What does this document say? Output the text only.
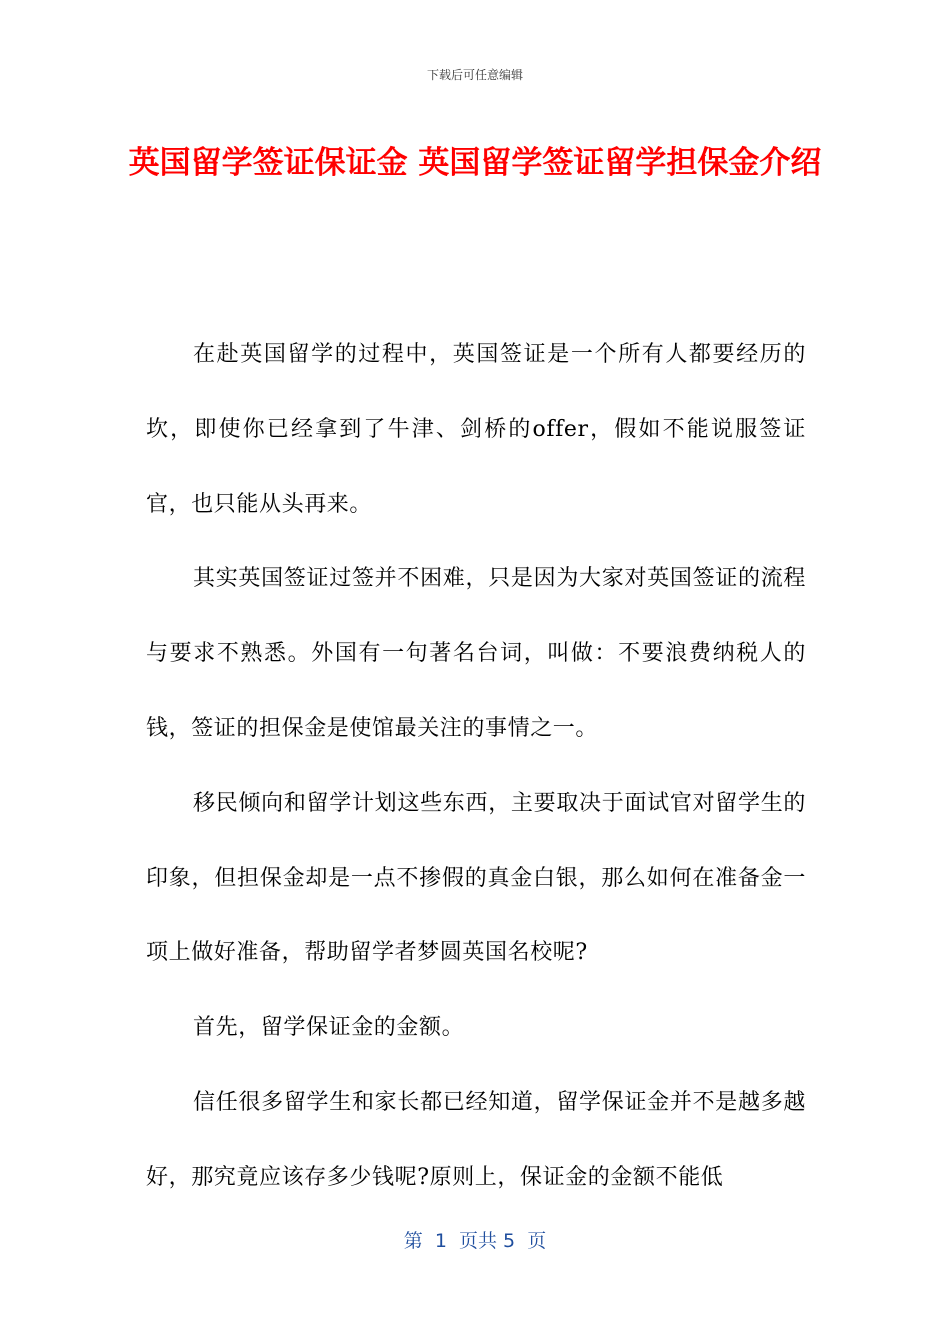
下载后可任意编辑
英国留学签证保证金 英国留学签证留学担保金介绍

在赴英国留学的过程中，英国签证是一个所有人都要经历的坎，即使你已经拿到了牛津、剑桥的offer，假如不能说服签证官，也只能从头再来。

其实英国签证过签并不困难，只是因为大家对英国签证的流程与要求不熟悉。外国有一句著名台词，叫做：不要浪费纳税人的钱，签证的担保金是使馆最关注的事情之一。

移民倾向和留学计划这些东西，主要取决于面试官对留学生的印象，但担保金却是一点不掺假的真金白银，那么如何在准备金一项上做好准备，帮助留学者梦圆英国名校呢?

首先，留学保证金的金额。

信任很多留学生和家长都已经知道，留学保证金并不是越多越好，那究竟应该存多少钱呢?原则上，保证金的金额不能低

第  1  页共 5  页
